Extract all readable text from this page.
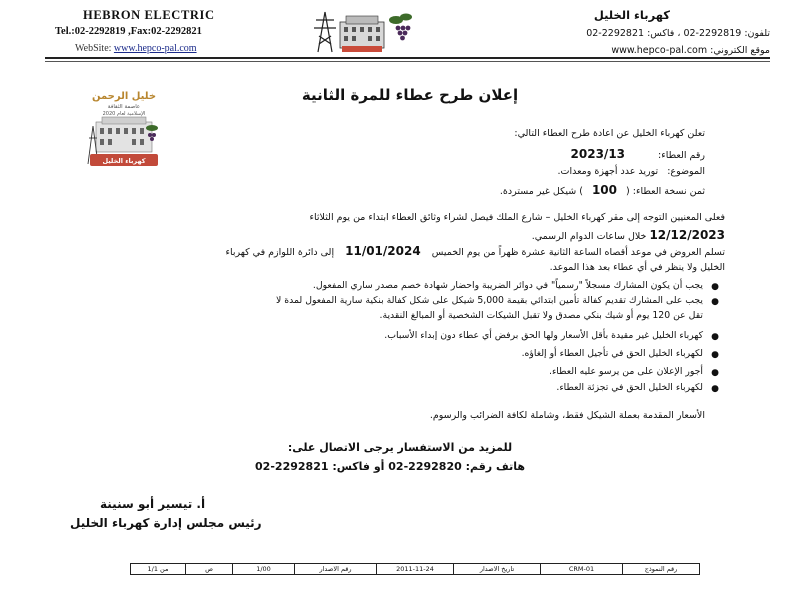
HEBRON ELECTRIC
Tel.:02-2292819 ,Fax:02-2292821
WebSite: www.hepco-pal.com
كهرباء الخليل
تلفون: 2292819-02 ، فاكس: 2292821-02
موقع الكتروني: www.hepco-pal.com
خليل الرحمن
عاصمة الثقافة
الإسلامية لعام 2020
كهرباء الخليل
إعلان طرح عطاء للمرة الثانية
تعلن كهرباء الخليل عن اعادة طرح العطاء التالي:
رقم العطاء: 2023/13
الموضوع: توريد عدد أجهزة ومعدات.
ثمن نسخة العطاء: ( 100 ) شيكل غير مستردة.
فعلى المعنيين التوجه إلى مقر كهرباء الخليل – شارع الملك فيصل لشراء وثائق العطاء ابتداء من يوم الثلاثاء
12/12/2023 خلال ساعات الدوام الرسمي.
تسلم العروض في موعد أقصاه الساعة الثانية عشرة ظهراً من يوم الخميس 11/01/2024 إلى دائرة اللوازم في كهرباء
الخليل ولا ينظر في أي عطاء بعد هذا الموعد.
●
يجب أن يكون المشارك مسجلاً "رسمياً" في دوائر الضريبة واحضار شهادة خصم مصدر ساري المفعول.
●
يجب على المشارك تقديم كفالة تأمين ابتدائي بقيمة 5,000 شيكل على شكل كفالة بنكية سارية المفعول لمدة لا
تقل عن 120 يوم أو شيك بنكي مصدق ولا تقبل الشيكات الشخصية أو المبالغ النقدية.
●
كهرباء الخليل غير مقيدة بأقل الأسعار ولها الحق برفض أي عطاء دون إبداء الأسباب.
●
لكهرباء الخليل الحق في تأجيل العطاء أو إلغاؤه.
●
أجور الإعلان على من يرسو عليه العطاء.
●
لكهرباء الخليل الحق في تجزئة العطاء.
الأسعار المقدمة بعملة الشيكل فقط، وشاملة لكافة الضرائب والرسوم.
للمزيد من الاستفسار يرجى الاتصال على:
هاتف رقم: 2292820-02 أو فاكس: 2292821-02
أ. تيسير أبو سنينة
رئيس مجلس إدارة كهرباء الخليل
رقم النموذج
CRM-01
تاريخ الاصدار
2011-11-24
رقم الاصدار
1/00
ص
من 1/1
